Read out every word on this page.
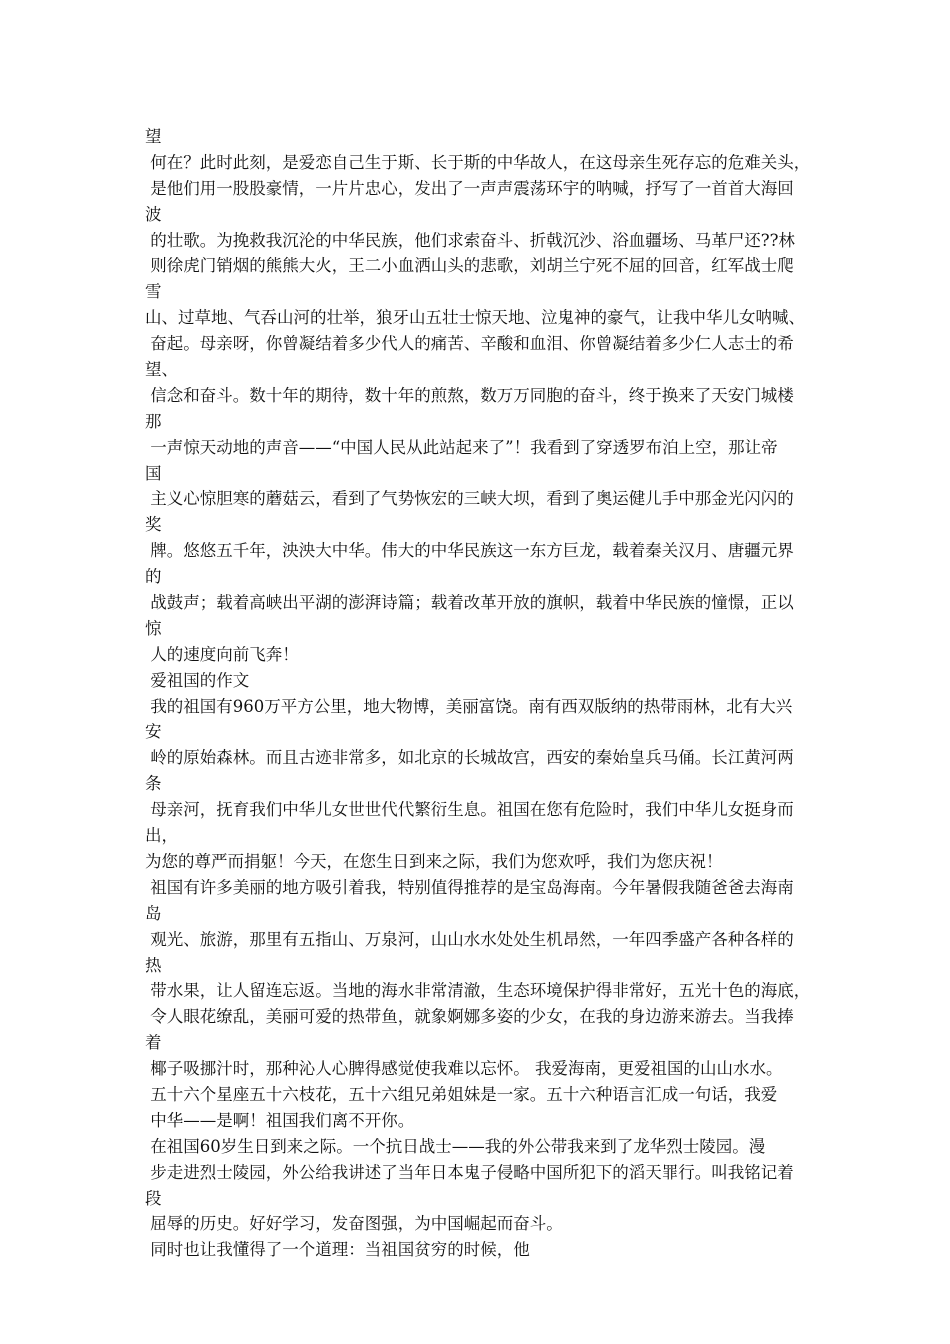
望
何在？此时此刻，是爱恋自己生于斯、长于斯的中华故人，在这母亲生死存忘的危难关头，
是他们用一股股豪情，一片片忠心，发出了一声声震荡环宇的呐喊，抒写了一首首大海回
波
的壮歌。为挽救我沉沦的中华民族，他们求索奋斗、折戟沉沙、浴血疆场、马革尸还??林
则徐虎门销烟的熊熊大火，王二小血洒山头的悲歌，刘胡兰宁死不屈的回音，红军战士爬
雪
山、过草地、气吞山河的壮举，狼牙山五壮士惊天地、泣鬼神的豪气，让我中华儿女呐喊、
奋起。母亲呀，你曾凝结着多少代人的痛苦、辛酸和血泪、你曾凝结着多少仁人志士的希
望、
信念和奋斗。数十年的期待，数十年的煎熬，数万万同胞的奋斗，终于换来了天安门城楼
那
一声惊天动地的声音——“中国人民从此站起来了”！我看到了穿透罗布泊上空，那让帝
国
主义心惊胆寒的蘑菇云，看到了气势恢宏的三峡大坝，看到了奥运健儿手中那金光闪闪的
奖
牌。悠悠五千年，泱泱大中华。伟大的中华民族这一东方巨龙，载着秦关汉月、唐疆元界
的
战鼓声；载着高峡出平湖的澎湃诗篇；载着改革开放的旗帜，载着中华民族的憧憬，正以
惊
人的速度向前飞奔！
爱祖国的作文
我的祖国有960万平方公里，地大物博，美丽富饶。南有西双版纳的热带雨林，北有大兴
安
岭的原始森林。而且古迹非常多，如北京的长城故宫，西安的秦始皇兵马俑。长江黄河两
条
母亲河，抚育我们中华儿女世世代代繁衍生息。祖国在您有危险时，我们中华儿女挺身而
出，
为您的尊严而捐躯！今天，在您生日到来之际，我们为您欢呼，我们为您庆祝！
祖国有许多美丽的地方吸引着我，特别值得推荐的是宝岛海南。今年暑假我随爸爸去海南
岛
观光、旅游，那里有五指山、万泉河，山山水水处处生机昂然，一年四季盛产各种各样的
热
带水果，让人留连忘返。当地的海水非常清澈，生态环境保护得非常好，五光十色的海底，
令人眼花缭乱，美丽可爱的热带鱼，就象婀娜多姿的少女，在我的身边游来游去。当我捧
着
椰子吸挪汁时，那种沁人心脾得感觉使我难以忘怀。 我爱海南，更爱祖国的山山水水。
五十六个星座五十六枝花，五十六组兄弟姐妹是一家。五十六种语言汇成一句话，我爱
中华——是啊！祖国我们离不开你。
在祖国60岁生日到来之际。一个抗日战士——我的外公带我来到了龙华烈士陵园。漫
步走进烈士陵园，外公给我讲述了当年日本鬼子侵略中国所犯下的滔天罪行。叫我铭记着
段
屈辱的历史。好好学习，发奋图强，为中国崛起而奋斗。
同时也让我懂得了一个道理：当祖国贫穷的时候，他
